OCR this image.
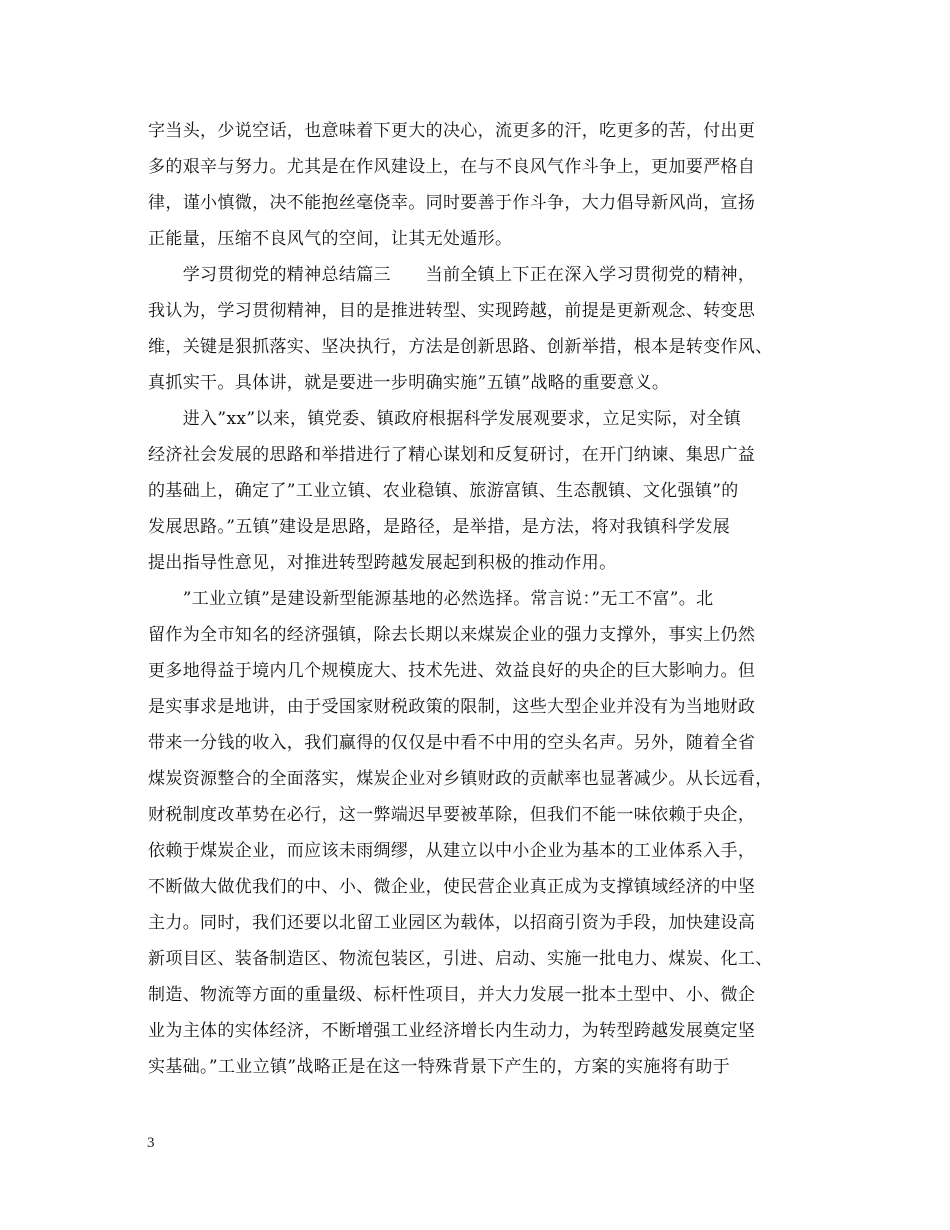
字当头，少说空话，也意味着下更大的决心，流更多的汗，吃更多的苦，付出更
多的艰辛与努力。尤其是在作风建设上，在与不良风气作斗争上，更加要严格自
律，谨小慎微，决不能抱丝毫侥幸。同时要善于作斗争，大力倡导新风尚，宣扬
正能量，压缩不良风气的空间，让其无处遁形。
　　学习贯彻党的精神总结篇三　　当前全镇上下正在深入学习贯彻党的精神，
我认为，学习贯彻精神，目的是推进转型、实现跨越，前提是更新观念、转变思
维，关键是狠抓落实、坚决执行，方法是创新思路、创新举措，根本是转变作风、
真抓实干。具体讲，就是要进一步明确实施”五镇”战略的重要意义。
　　进入”xx”以来，镇党委、镇政府根据科学发展观要求，立足实际，对全镇
经济社会发展的思路和举措进行了精心谋划和反复研讨，在开门纳谏、集思广益
的基础上，确定了”工业立镇、农业稳镇、旅游富镇、生态靓镇、文化强镇”的
发展思路。”五镇”建设是思路，是路径，是举措，是方法，将对我镇科学发展
提出指导性意见，对推进转型跨越发展起到积极的推动作用。
　　”工业立镇”是建设新型能源基地的必然选择。常言说：”无工不富”。北
留作为全市知名的经济强镇，除去长期以来煤炭企业的强力支撑外，事实上仍然
更多地得益于境内几个规模庞大、技术先进、效益良好的央企的巨大影响力。但
是实事求是地讲，由于受国家财税政策的限制，这些大型企业并没有为当地财政
带来一分钱的收入，我们赢得的仅仅是中看不中用的空头名声。另外，随着全省
煤炭资源整合的全面落实，煤炭企业对乡镇财政的贡献率也显著减少。从长远看，
财税制度改革势在必行，这一弊端迟早要被革除，但我们不能一味依赖于央企，
依赖于煤炭企业，而应该未雨绸缪，从建立以中小企业为基本的工业体系入手，
不断做大做优我们的中、小、微企业，使民营企业真正成为支撑镇域经济的中坚
主力。同时，我们还要以北留工业园区为载体，以招商引资为手段，加快建设高
新项目区、装备制造区、物流包装区，引进、启动、实施一批电力、煤炭、化工、
制造、物流等方面的重量级、标杆性项目，并大力发展一批本土型中、小、微企
业为主体的实体经济，不断增强工业经济增长内生动力，为转型跨越发展奠定坚
实基础。”工业立镇”战略正是在这一特殊背景下产生的，方案的实施将有助于
3
